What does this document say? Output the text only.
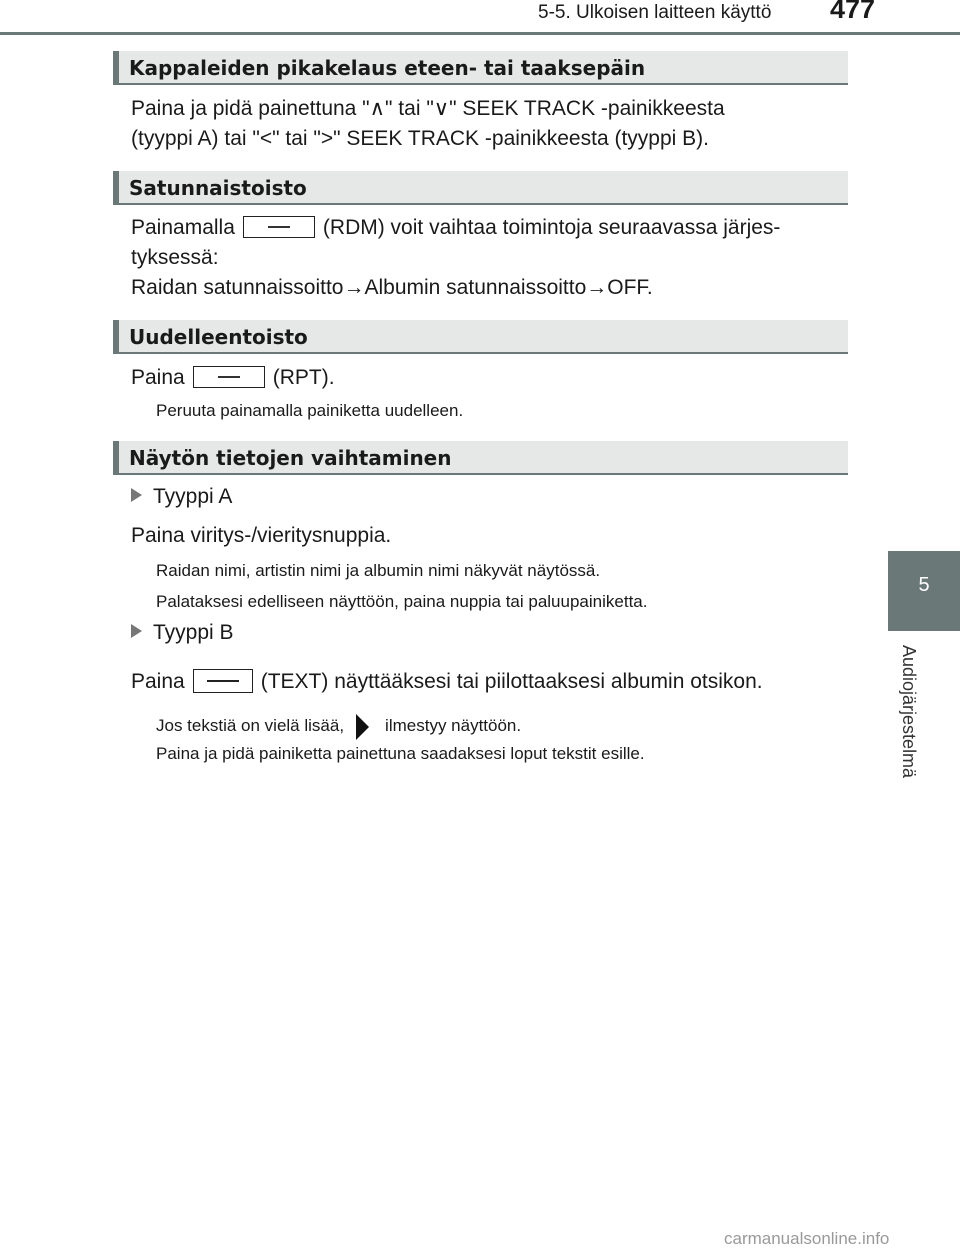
5-5. Ulkoisen laitteen käyttö 477
5
Audiojärjestelmä
Kappaleiden pikakelaus eteen- tai taaksepäin
Paina ja pidä painettuna "∧" tai "∨" SEEK TRACK -painikkeesta
(tyyppi A) tai "<" tai ">" SEEK TRACK -painikkeesta (tyyppi B).
Satunnaistoisto
Painamalla	(RDM) voit vaihtaa toimintoja seuraavassa järjes-
tyksessä:
Raidan satunnaissoitto→Albumin satunnaissoitto→OFF.
Uudelleentoisto
Paina	(RPT).
Peruuta painamalla painiketta uudelleen.
Näytön tietojen vaihtaminen
Tyyppi A
Paina viritys-/vieritysnuppia.
Raidan nimi, artistin nimi ja albumin nimi näkyvät näytössä.
Palataksesi edelliseen näyttöön, paina nuppia tai paluupainiketta.
Tyyppi B
Paina	(TEXT) näyttääksesi tai piilottaaksesi albumin otsikon.
Jos tekstiä on vielä lisää, ilmestyy näyttöön.
Paina ja pidä painiketta painettuna saadaksesi loput tekstit esille.
carmanualsonline.info
